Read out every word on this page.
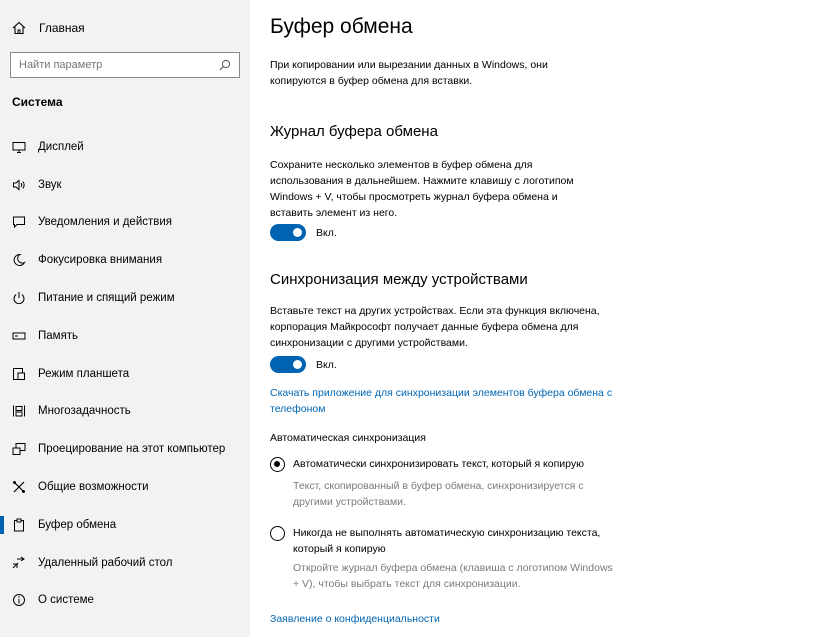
Главная
Найти параметр
Система
Дисплей
Звук
Уведомления и действия
Фокусировка внимания
Питание и спящий режим
Память
Режим планшета
Многозадачность
Проецирование на этот компьютер
Общие возможности
Буфер обмена
Удаленный рабочий стол
О системе
Буфер обмена
При копировании или вырезании данных в Windows, они копируются в буфер обмена для вставки.
Журнал буфера обмена
Сохраните несколько элементов в буфер обмена для использования в дальнейшем. Нажмите клавишу с логотипом Windows + V, чтобы просмотреть журнал буфера обмена и вставить элемент из него.
Вкл.
Синхронизация между устройствами
Вставьте текст на других устройствах. Если эта функция включена, корпорация Майкрософт получает данные буфера обмена для синхронизации с другими устройствами.
Вкл.
Скачать приложение для синхронизации элементов буфера обмена с телефоном
Автоматическая синхронизация
Автоматически синхронизировать текст, который я копирую
Текст, скопированный в буфер обмена, синхронизируется с другими устройствами.
Никогда не выполнять автоматическую синхронизацию текста, который я копирую
Откройте журнал буфера обмена (клавиша с логотипом Windows + V), чтобы выбрать текст для синхронизации.
Заявление о конфиденциальности
